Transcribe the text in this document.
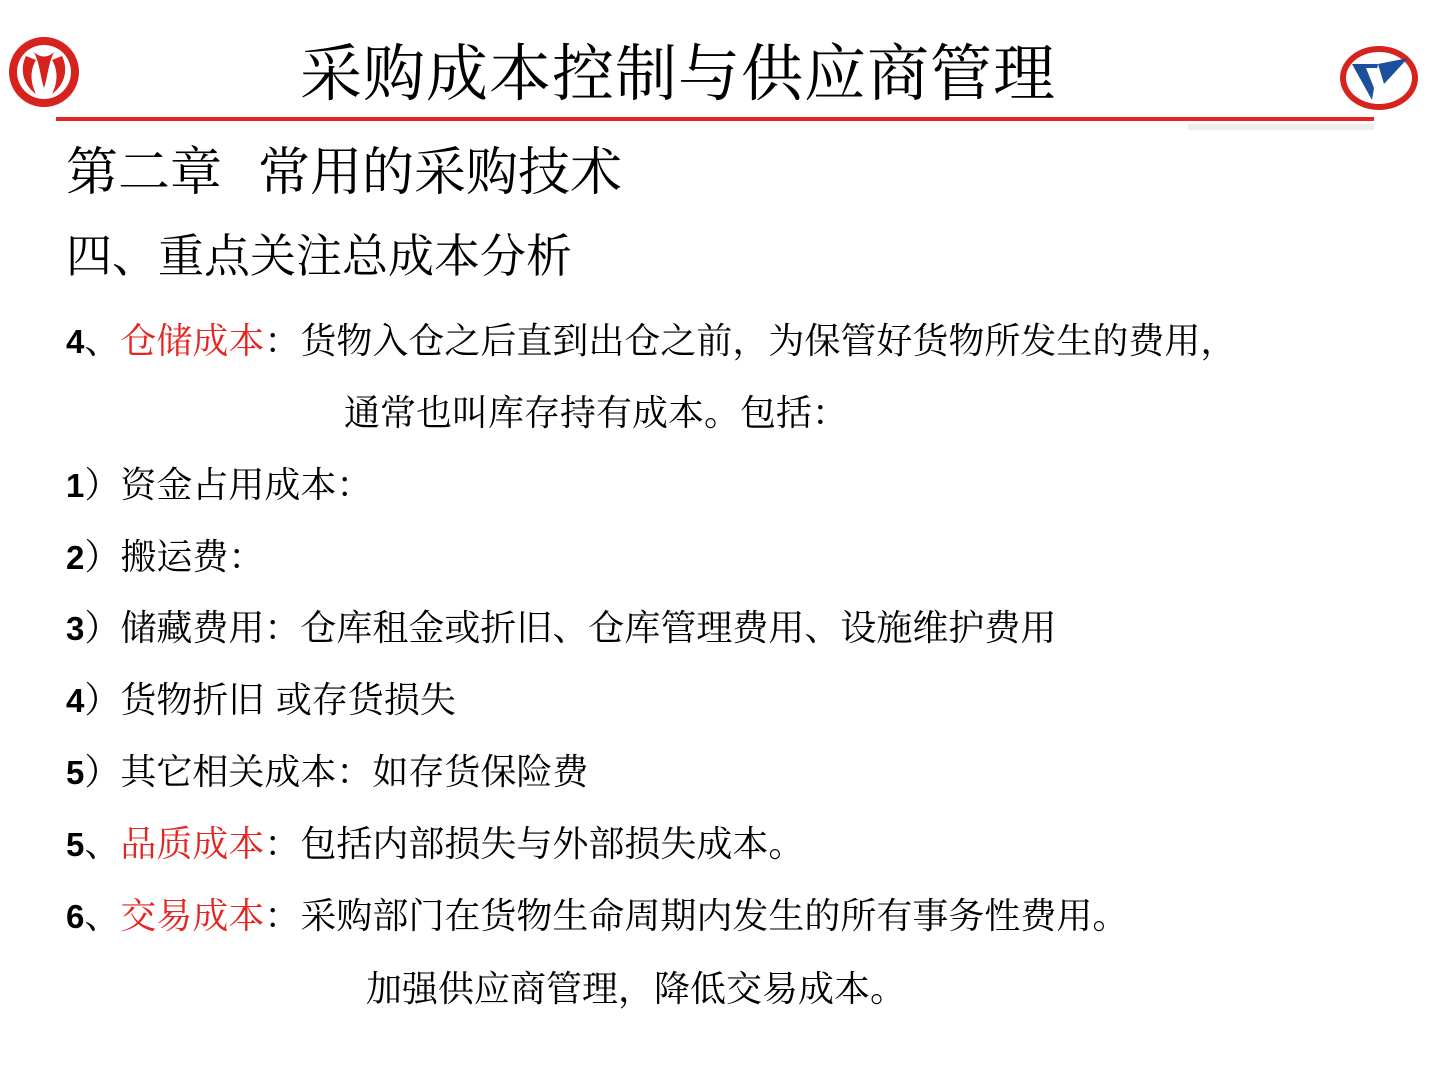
采购成本控制与供应商管理
第二章 常用的采购技术
四、重点关注总成本分析
4、仓储成本：货物入仓之后直到出仓之前，为保管好货物所发生的费用，
通常也叫库存持有成本。包括：
1）资金占用成本：
2）搬运费：
3）储藏费用：仓库租金或折旧、仓库管理费用、设施维护费用
4）货物折旧 或存货损失
5）其它相关成本：如存货保险费
5、品质成本：包括内部损失与外部损失成本。
6、交易成本：采购部门在货物生命周期内发生的所有事务性费用。
加强供应商管理，降低交易成本。
